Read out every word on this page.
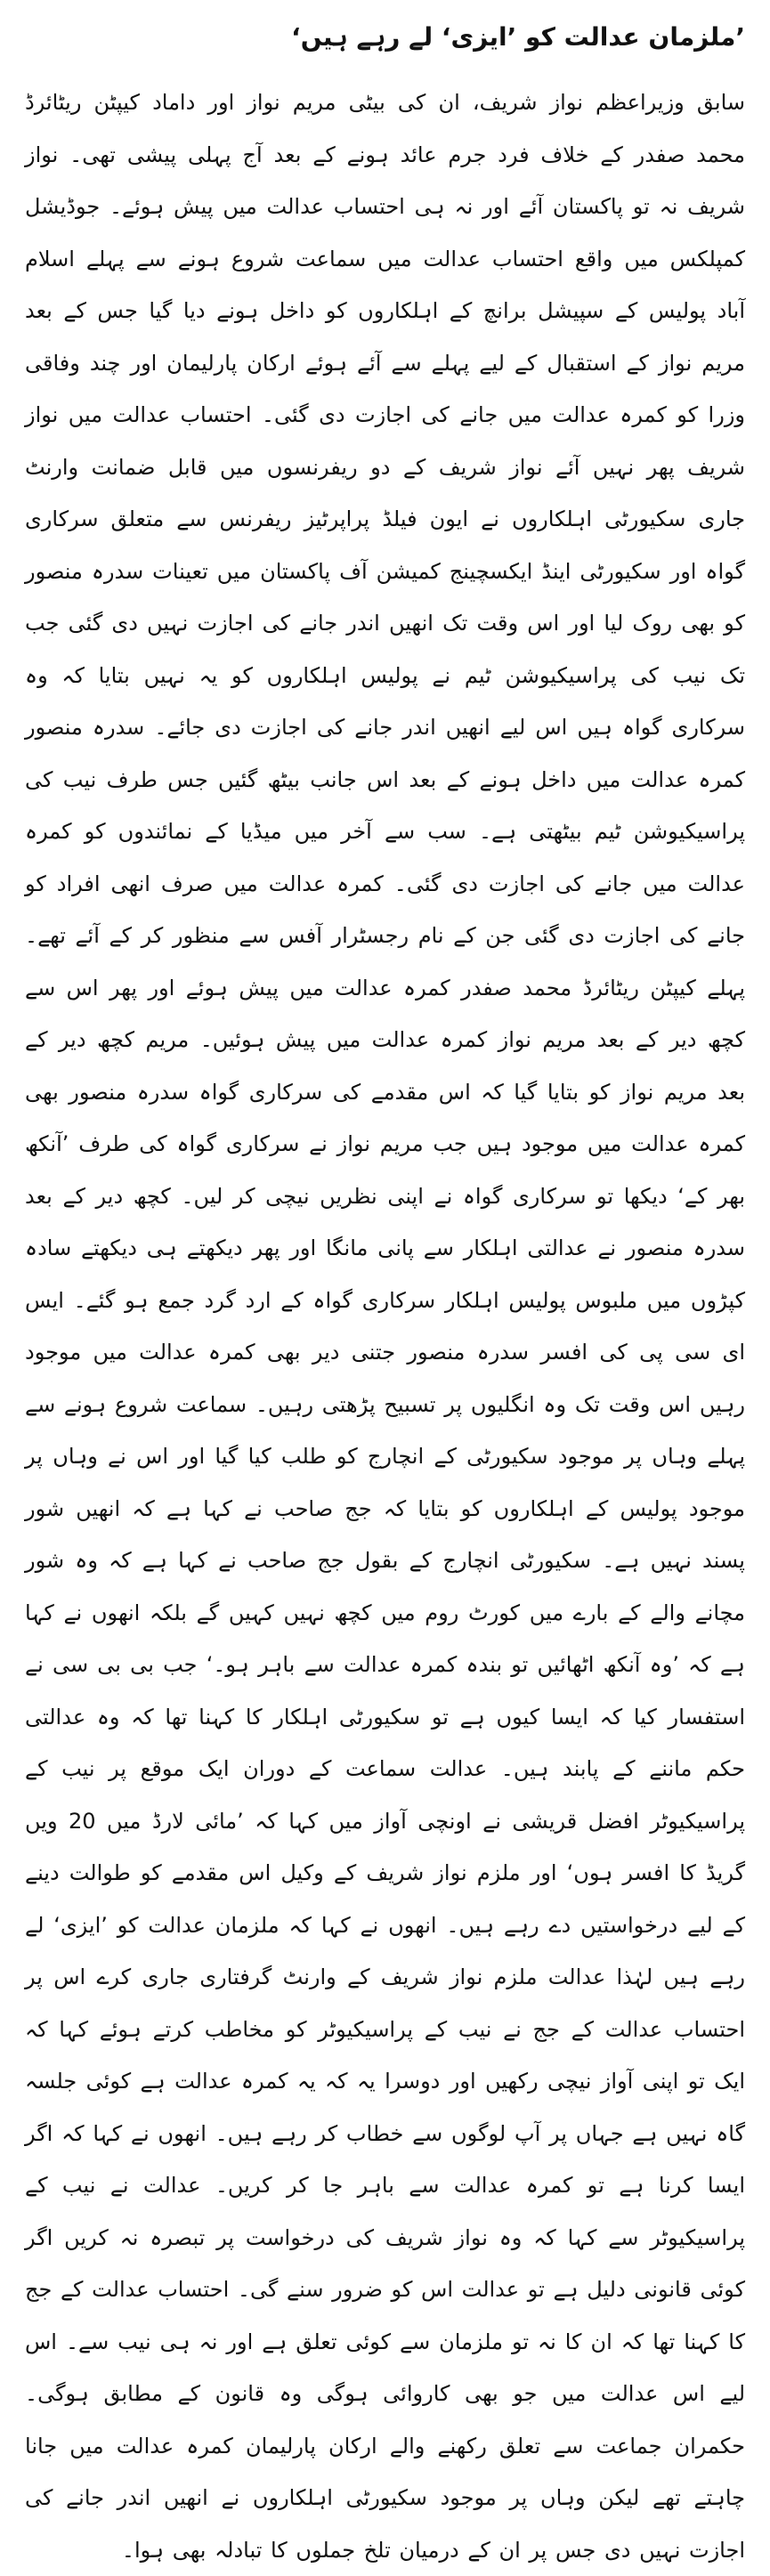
’ملزمان عدالت کو ’ایزی‘ لے رہے ہیں‘

سابق وزیراعظم نواز شریف، ان کی بیٹی مریم نواز اور داماد کیپٹن ریٹائرڈ محمد صفدر کے خلاف فرد جرم عائد ہونے کے بعد آج پہلی پیشی تھی۔ نواز شریف نہ تو پاکستان آئے اور نہ ہی احتساب عدالت میں پیش ہوئے۔ جوڈیشل کمپلکس میں واقع احتساب عدالت میں سماعت شروع ہونے سے پہلے اسلام آباد پولیس کے سپیشل برانچ کے اہلکاروں کو داخل ہونے دیا گیا جس کے بعد مریم نواز کے استقبال کے لیے پہلے سے آئے ہوئے ارکان پارلیمان اور چند وفاقی وزرا کو کمرہ عدالت میں جانے کی اجازت دی گئی۔ احتساب عدالت میں نواز شریف پھر نہیں آئے نواز شریف کے دو ریفرنسوں میں قابل ضمانت وارنٹ جاری سکیورٹی اہلکاروں نے ایون فیلڈ پراپرٹیز ریفرنس سے متعلق سرکاری گواہ اور سکیورٹی اینڈ ایکسچینج کمیشن آف پاکستان میں تعینات سدرہ منصور کو بھی روک لیا اور اس وقت تک انھیں اندر جانے کی اجازت نہیں دی گئی جب تک نیب کی پراسیکیوشن ٹیم نے پولیس اہلکاروں کو یہ نہیں بتایا کہ وہ سرکاری گواہ ہیں اس لیے انھیں اندر جانے کی اجازت دی جائے۔ سدرہ منصور کمرہ عدالت میں داخل ہونے کے بعد اس جانب بیٹھ گئیں جس طرف نیب کی پراسیکیوشن ٹیم بیٹھتی ہے۔ سب سے آخر میں میڈیا کے نمائندوں کو کمرہ عدالت میں جانے کی اجازت دی گئی۔ کمرہ عدالت میں صرف انھی افراد کو جانے کی اجازت دی گئی جن کے نام رجسٹرار آفس سے منظور کر کے آئے تھے۔ پہلے کیپٹن ریٹائرڈ محمد صفدر کمرہ عدالت میں پیش ہوئے اور پھر اس سے کچھ دیر کے بعد مریم نواز کمرہ عدالت میں پیش ہوئیں۔ مریم کچھ دیر کے بعد مریم نواز کو بتایا گیا کہ اس مقدمے کی سرکاری گواہ سدرہ منصور بھی کمرہ عدالت میں موجود ہیں جب مریم نواز نے سرکاری گواہ کی طرف ’آنکھ بھر کے‘ دیکھا تو سرکاری گواہ نے اپنی نظریں نیچی کر لیں۔ کچھ دیر کے بعد سدرہ منصور نے عدالتی اہلکار سے پانی مانگا اور پھر دیکھتے ہی دیکھتے سادہ کپڑوں میں ملبوس پولیس اہلکار سرکاری گواہ کے ارد گرد جمع ہو گئے۔ ایس ای سی پی کی افسر سدرہ منصور جتنی دیر بھی کمرہ عدالت میں موجود رہیں اس وقت تک وہ انگلیوں پر تسبیح پڑھتی رہیں۔ سماعت شروع ہونے سے پہلے وہاں پر موجود سکیورٹی کے انچارج کو طلب کیا گیا اور اس نے وہاں پر موجود پولیس کے اہلکاروں کو بتایا کہ جج صاحب نے کہا ہے کہ انھیں شور پسند نہیں ہے۔ سکیورٹی انچارج کے بقول جج صاحب نے کہا ہے کہ وہ شور مچانے والے کے بارے میں کورٹ روم میں کچھ نہیں کہیں گے بلکہ انھوں نے کہا ہے کہ ’وہ آنکھ اٹھائیں تو بندہ کمرہ عدالت سے باہر ہو۔‘ جب بی بی سی نے استفسار کیا کہ ایسا کیوں ہے تو سکیورٹی اہلکار کا کہنا تھا کہ وہ عدالتی حکم ماننے کے پابند ہیں۔ عدالت سماعت کے دوران ایک موقع پر نیب کے پراسیکیوٹر افضل قریشی نے اونچی آواز میں کہا کہ ’مائی لارڈ میں 20 ویں گریڈ کا افسر ہوں‘ اور ملزم نواز شریف کے وکیل اس مقدمے کو طوالت دینے کے لیے درخواستیں دے رہے ہیں۔ انھوں نے کہا کہ ملزمان عدالت کو ’ایزی‘ لے رہے ہیں لہٰذا عدالت ملزم نواز شریف کے وارنٹ گرفتاری جاری کرے اس پر احتساب عدالت کے جج نے نیب کے پراسیکیوٹر کو مخاطب کرتے ہوئے کہا کہ ایک تو اپنی آواز نیچی رکھیں اور دوسرا یہ کہ یہ کمرہ عدالت ہے کوئی جلسہ گاہ نہیں ہے جہاں پر آپ لوگوں سے خطاب کر رہے ہیں۔ انھوں نے کہا کہ اگر ایسا کرنا ہے تو کمرہ عدالت سے باہر جا کر کریں۔ عدالت نے نیب کے پراسیکیوٹر سے کہا کہ وہ نواز شریف کی درخواست پر تبصرہ نہ کریں اگر کوئی قانونی دلیل ہے تو عدالت اس کو ضرور سنے گی۔ احتساب عدالت کے جج کا کہنا تھا کہ ان کا نہ تو ملزمان سے کوئی تعلق ہے اور نہ ہی نیب سے۔ اس لیے اس عدالت میں جو بھی کاروائی ہوگی وہ قانون کے مطابق ہوگی۔ حکمران جماعت سے تعلق رکھنے والے ارکان پارلیمان کمرہ عدالت میں جانا چاہتے تھے لیکن وہاں پر موجود سکیورٹی اہلکاروں نے انھیں اندر جانے کی اجازت نہیں دی جس پر ان کے درمیان تلخ جملوں کا تبادلہ بھی ہوا۔
